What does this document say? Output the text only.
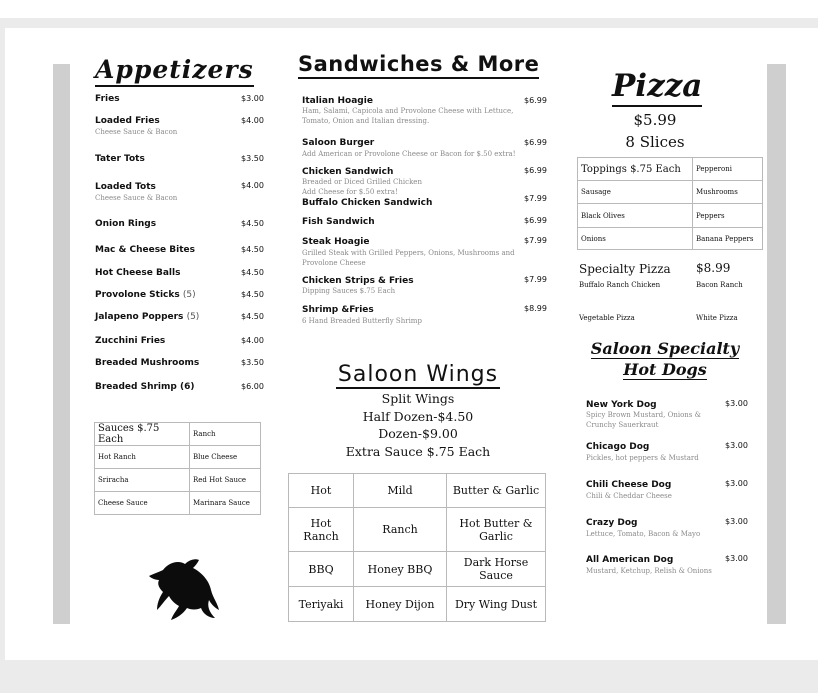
Appetizers
Fries	$3.00
Loaded Fries	$4.00
Cheese Sauce & Bacon
Tater Tots	$3.50
Loaded Tots	$4.00
Cheese Sauce & Bacon
Onion Rings	$4.50
Mac & Cheese Bites	$4.50
Hot Cheese Balls	$4.50
Provolone Sticks (5)	$4.50
Jalapeno Poppers (5)	$4.50
Zucchini Fries	$4.00
Breaded Mushrooms	$3.50
Breaded Shrimp (6)	$6.00
Sauces $.75 Each	Ranch
Hot Ranch	Blue Cheese
Sriracha	Red Hot Sauce
Cheese Sauce	Marinara Sauce
Sandwiches & More
Italian Hoagie	$6.99
Ham, Salami, Capicola and Provolone Cheese with Lettuce, Tomato, Onion and Italian dressing.
Saloon Burger	$6.99
Add American or Provolone Cheese or Bacon for $.50 extra!
Chicken Sandwich	$6.99
Breaded or Diced Grilled Chicken
Add Cheese for $.50 extra!
Buffalo Chicken Sandwich	$7.99
Fish Sandwich	$6.99
Steak Hoagie	$7.99
Grilled Steak with Grilled Peppers, Onions, Mushrooms and Provolone Cheese
Chicken Strips & Fries	$7.99
Dipping Sauces $.75 Each
Shrimp &Fries	$8.99
6 Hand Breaded Butterfly Shrimp
Saloon Wings
Split Wings
Half Dozen-$4.50
Dozen-$9.00
Extra Sauce $.75 Each
Hot	Mild	Butter & Garlic
Hot Ranch	Ranch	Hot Butter & Garlic
BBQ	Honey BBQ	Dark Horse Sauce
Teriyaki	Honey Dijon	Dry Wing Dust
Pizza
$5.99
8 Slices
Toppings $.75 Each	Pepperoni
Sausage	Mushrooms
Black Olives	Peppers
Onions	Banana Peppers
Specialty Pizza $8.99
Buffalo Ranch Chicken	Bacon Ranch
Vegetable Pizza	White Pizza
Saloon Specialty
Hot Dogs
New York Dog	$3.00
Spicy Brown Mustard, Onions & Crunchy Sauerkraut
Chicago Dog	$3.00
Pickles, hot peppers & Mustard
Chili Cheese Dog	$3.00
Chili & Cheddar Cheese
Crazy Dog	$3.00
Lettuce, Tomato, Bacon & Mayo
All American Dog	$3.00
Mustard, Ketchup, Relish & Onions
